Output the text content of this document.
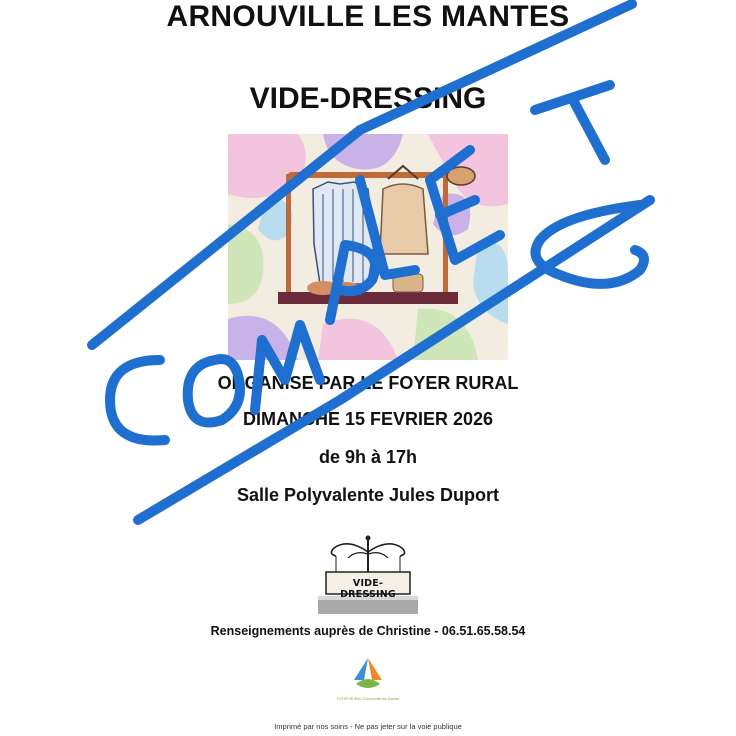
ARNOUVILLE LES MANTES
VIDE-DRESSING
ORGANISE PAR LE FOYER RURAL
DIMANCHE 15 FEVRIER 2026
de 9h à 17h
Salle Polyvalente Jules Duport
VIDE-DRESSING
Renseignements auprès de Christine - 06.51.65.58.54
FOYER RURAL D'Arnouville-les-Mantes
Imprimé par nos soins - Ne pas jeter sur la voie publique
